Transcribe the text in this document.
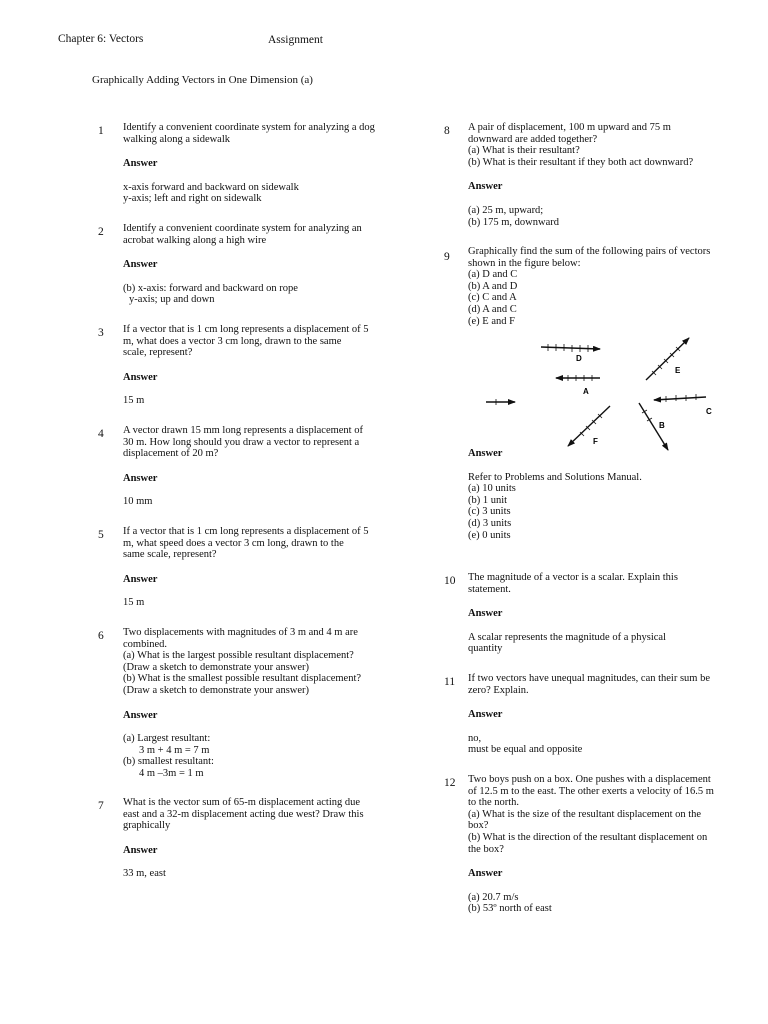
Chapter 6: Vectors	Assignment
Graphically Adding Vectors in One Dimension (a)
1 Identify a convenient coordinate system for analyzing a dog
walking along a sidewalk
Answer
x-axis forward and backward on sidewalk
y-axis; left and right on sidewalk
2 Identify a convenient coordinate system for analyzing an
acrobat walking along a high wire
Answer
(b) x-axis: forward and backward on rope
y-axis; up and down
3 If a vector that is 1 cm long represents a displacement of 5
m, what does a vector 3 cm long, drawn to the same
scale, represent?
Answer
15 m
4 A vector drawn 15 mm long represents a displacement of
30 m. How long should you draw a vector to represent a
displacement of 20 m?
Answer
10 mm
5 If a vector that is 1 cm long represents a displacement of 5
m, what speed does a vector 3 cm long, drawn to the
same scale, represent?
Answer
15 m
6 Two displacements with magnitudes of 3 m and 4 m are
combined.
(a) What is the largest possible resultant displacement?
(Draw a sketch to demonstrate your answer)
(b) What is the smallest possible resultant displacement?
(Draw a sketch to demonstrate your answer)
Answer
(a) Largest resultant:
3 m + 4 m = 7 m
(b) smallest resultant:
4 m –3m = 1 m
7 What is the vector sum of 65-m displacement acting due
east and a 32-m displacement acting due west? Draw this
graphically
Answer
33 m, east
8 A pair of displacement, 100 m upward and 75 m
downward are added together?
(a) What is their resultant?
(b) What is their resultant if they both act downward?
Answer
(a) 25 m, upward;
(b) 175 m, downward
9 Graphically find the sum of the following pairs of vectors
shown in the figure below:
(a) D and C
(b) A and D
(c) C and A
(d) A and C
(e) E and F
D
A
E
C
F
B
Answer
Refer to Problems and Solutions Manual.
(a) 10 units
(b) 1 unit
(c) 3 units
(d) 3 units
(e) 0 units
10 The magnitude of a vector is a scalar. Explain this
statement.
Answer
A scalar represents the magnitude of a physical
quantity
11 If two vectors have unequal magnitudes, can their sum be
zero? Explain.
Answer
no,
must be equal and opposite
12 Two boys push on a box. One pushes with a displacement
of 12.5 m to the east. The other exerts a velocity of 16.5 m
to the north.
(a) What is the size of the resultant displacement on the
box?
(b) What is the direction of the resultant displacement on
the box?
Answer
(a) 20.7 m/s
(b) 53º north of east
